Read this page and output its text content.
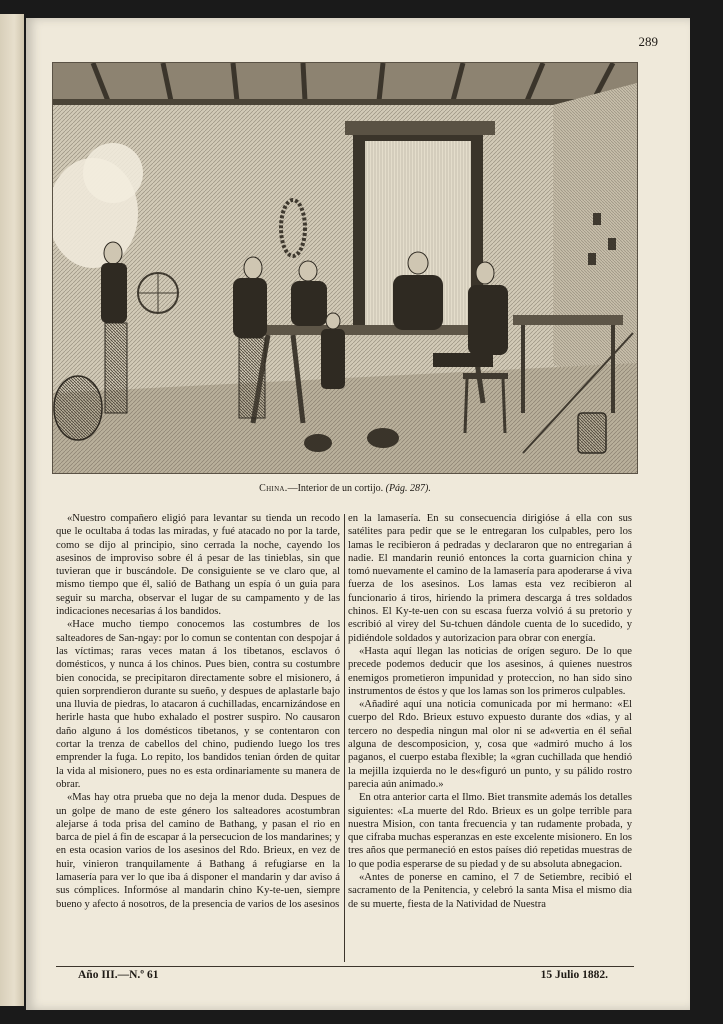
289
China.—Interior de un cortijo. (Pág. 287).

«Nuestro compañero eligió para levantar su tienda un recodo que le ocultaba á todas las miradas, y fué atacado no por la tarde, como se dijo al principio, sino cerrada la noche, cayendo los asesinos de improviso sobre él á pesar de las tinieblas, sin que tuvieran que ir buscándole. De consiguiente se ve claro que, al mismo tiempo que él, salió de Bathang un espía ó un guia para seguir su marcha, observar el lugar de su campamento y de las indicaciones necesarias á los bandidos.

«Hace mucho tiempo conocemos las costumbres de los salteadores de San-ngay: por lo comun se contentan con despojar á las víctimas; raras veces matan á los tibetanos, esclavos ó domésticos, y nunca á los chinos. Pues bien, contra su costumbre bien conocida, se precipitaron directamente sobre el misionero, á quien sorprendieron durante su sueño, y despues de aplastarle bajo una lluvia de piedras, lo atacaron á cuchilladas, encarnizándose en herirle hasta que hubo exhalado el postrer suspiro. No causaron daño alguno á los domésticos tibetanos, y se contentaron con cortar la trenza de cabellos del chino, pudiendo luego los tres emprender la fuga. Lo repito, los bandidos tenian órden de quitar la vida al misionero, pues no es esta ordinariamente su manera de obrar.

«Mas hay otra prueba que no deja la menor duda. Despues de un golpe de mano de este género los salteadores acostumbran alejarse á toda prisa del camino de Bathang, y pasan el rio en barca de piel á fin de escapar á la persecucion de los mandarines; y en esta ocasion varios de los asesinos del Rdo. Brieux, en vez de huir, vinieron tranquilamente á Bathang á refugiarse en la lamasería para ver lo que iba á disponer el mandarin y dar aviso á sus cómplices. Informóse al mandarin chino Ky-te-uen, siempre bueno y afecto á nosotros, de la presencia de varios de los asesinos

en la lamasería. En su consecuencia dirigióse á ella con sus satélites para pedir que se le entregaran los culpables, pero los lamas le recibieron á pedradas y declararon que no entregarian á nadie. El mandarin reunió entonces la corta guarnicion china y tomó nuevamente el camino de la lamasería para apoderarse á viva fuerza de los asesinos. Los lamas esta vez recibieron al funcionario á tiros, hiriendo la primera descarga á tres soldados chinos. El Ky-te-uen con su escasa fuerza volvió á su pretorio y escribió al virey del Su-tchuen dándole cuenta de lo sucedido, y pidiéndole soldados y autorizacion para obrar con energía.

«Hasta aquí llegan las noticias de orígen seguro. De lo que precede podemos deducir que los asesinos, á quienes nuestros enemigos prometieron impunidad y proteccion, no han sido sino instrumentos de éstos y que los lamas son los primeros culpables.

«Añadiré aquí una noticia comunicada por mi hermano: «El cuerpo del Rdo. Brieux estuvo expuesto durante dos «dias, y al tercero no despedia ningun mal olor ni se ad«vertia en él señal alguna de descomposicion, y, cosa que «admiró mucho á los paganos, el cuerpo estaba flexible; la «gran cuchillada que hendió la mejilla izquierda no le des«figuró un punto, y su pálido rostro parecia aún animado.»

En otra anterior carta el Ilmo. Biet transmite además los detalles siguientes: «La muerte del Rdo. Brieux es un golpe terrible para nuestra Mision, con tanta frecuencia y tan rudamente probada, y que cifraba muchas esperanzas en este excelente misionero. En los tres años que permaneció en estos países dió repetidas muestras de lo que podia esperarse de su piedad y de su absoluta abnegacion.

«Antes de ponerse en camino, el 7 de Setiembre, recibió el sacramento de la Penitencia, y celebró la santa Misa el mismo dia de su muerte, fiesta de la Natividad de Nuestra

Año III.—N.º 61	15 Julio 1882.
